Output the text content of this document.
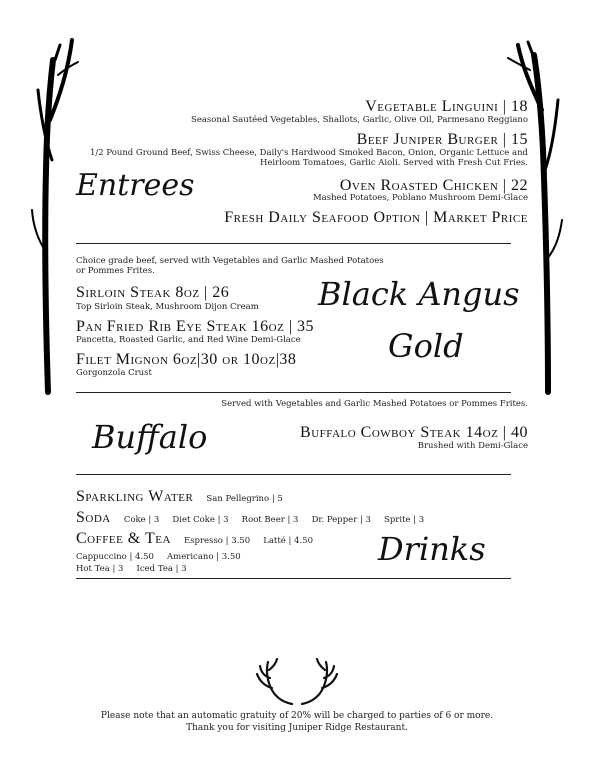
Vegetable Linguini | 18
Seasonal Sautéed Vegetables, Shallots, Garlic, Olive Oil, Parmesano Reggiano
Beef Juniper Burger | 15
1/2 Pound Ground Beef, Swiss Cheese, Daily's Hardwood Smoked Bacon, Onion, Organic Lettuce and Heirloom Tomatoes, Garlic Aioli. Served with Fresh Cut Fries.
Entrees	Oven Roasted Chicken | 22
Mashed Potatoes, Poblano Mushroom Demi-Glace
Fresh Daily Seafood Option | Market Price
Choice grade beef, served with Vegetables and Garlic Mashed Potatoes or Pommes Frites.
Sirloin Steak 8oz | 26
Top Sirloin Steak, Mushroom Dijon Cream Black Angus
Pan Fried Rib Eye Steak 16oz | 35
Pancetta, Roasted Garlic, and Red Wine Demi-Glace	Gold
Filet Mignon 6oz|30 or 10oz|38
Gorgonzola Crust
Served with Vegetables and Garlic Mashed Potatoes or Pommes Frites.
Buffalo	Buffalo Cowboy Steak 14oz | 40
Brushed with Demi-Glace
Sparkling Water San Pellegrino | 5
Soda Coke | 3 Diet Coke | 3 Root Beer | 3 Dr. Pepper | 3 Sprite | 3
Coffee & Tea Espresso | 3.50 Latté | 4.50
Cappuccino | 4.50 Americano | 3.50
Hot Tea | 3 Iced Tea | 3
Drinks
Please note that an automatic gratuity of 20% will be charged to parties of 6 or more.
Thank you for visiting Juniper Ridge Restaurant.
